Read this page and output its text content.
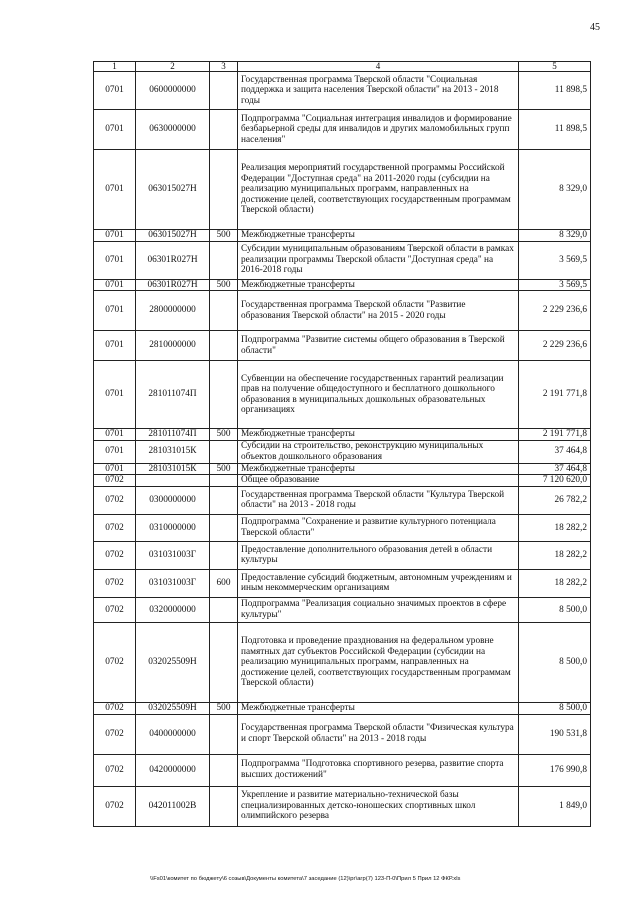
45
1	2	3	4	5
0701	0600000000		Государственная программа Тверской области "Социальная поддержка и защита населения Тверской области" на 2013 - 2018 годы	11 898,5
0701	0630000000		Подпрограмма "Социальная интеграция инвалидов и формирование безбарьерной среды для инвалидов и других маломобильных групп населения"	11 898,5
0701	063015027Н		Реализация мероприятий государственной программы Российской Федерации "Доступная среда" на 2011-2020 годы (субсидии на реализацию муниципальных программ, направленных на достижение целей, соответствующих государственным программам Тверской области)	8 329,0
0701	063015027Н	500	Межбюджетные трансферты	8 329,0
0701	06301R027Н		Субсидии муниципальным образованиям Тверской области в рамках реализации программы Тверской области "Доступная среда" на 2016-2018 годы	3 569,5
0701	06301R027Н	500	Межбюджетные трансферты	3 569,5
0701	2800000000		Государственная программа Тверской области "Развитие образования Тверской области" на 2015 - 2020 годы	2 229 236,6
0701	2810000000		Подпрограмма "Развитие системы общего образования в Тверской области"	2 229 236,6
0701	281011074П		Субвенции на обеспечение государственных гарантий реализации прав на получение общедоступного и бесплатного дошкольного образования в муниципальных дошкольных образовательных организациях	2 191 771,8
0701	281011074П	500	Межбюджетные трансферты	2 191 771,8
0701	281031015К		Субсидии на строительство, реконструкцию муниципальных объектов дошкольного образования	37 464,8
0701	281031015К	500	Межбюджетные трансферты	37 464,8
0702			Общее образование	7 120 620,0
0702	0300000000		Государственная программа Тверской области "Культура Тверской области" на 2013 - 2018 годы	26 782,2
0702	0310000000		Подпрограмма "Сохранение и развитие культурного потенциала Тверской области"	18 282,2
0702	031031003Г		Предоставление дополнительного образования детей в области культуры	18 282,2
0702	031031003Г	600	Предоставление субсидий бюджетным, автономным учреждениям и иным некоммерческим организациям	18 282,2
0702	0320000000		Подпрограмма "Реализация социально значимых проектов в сфере культуры"	8 500,0
0702	032025509Н		Подготовка и проведение празднования на федеральном уровне памятных дат субъектов Российской Федерации (субсидии на реализацию муниципальных программ, направленных на достижение целей, соответствующих государственным программам Тверской области)	8 500,0
0702	032025509Н	500	Межбюджетные трансферты	8 500,0
0702	0400000000		Государственная программа Тверской области "Физическая культура и спорт Тверской области" на 2013 - 2018 годы	190 531,8
0702	0420000000		Подпрограмма "Подготовка спортивного резерва, развитие спорта высших достижений"	176 990,8
0702	042011002В		Укрепление и развитие материально-технической базы специализированных детско-юношеских спортивных школ олимпийского резерва	1 849,0
\\Fs01\комитет по бюджету\6 созыв\Документы комитета\7 заседание (12)\рг\агр(7) 123-П-0\Прил 5 Прил 12 ФКР.xls
